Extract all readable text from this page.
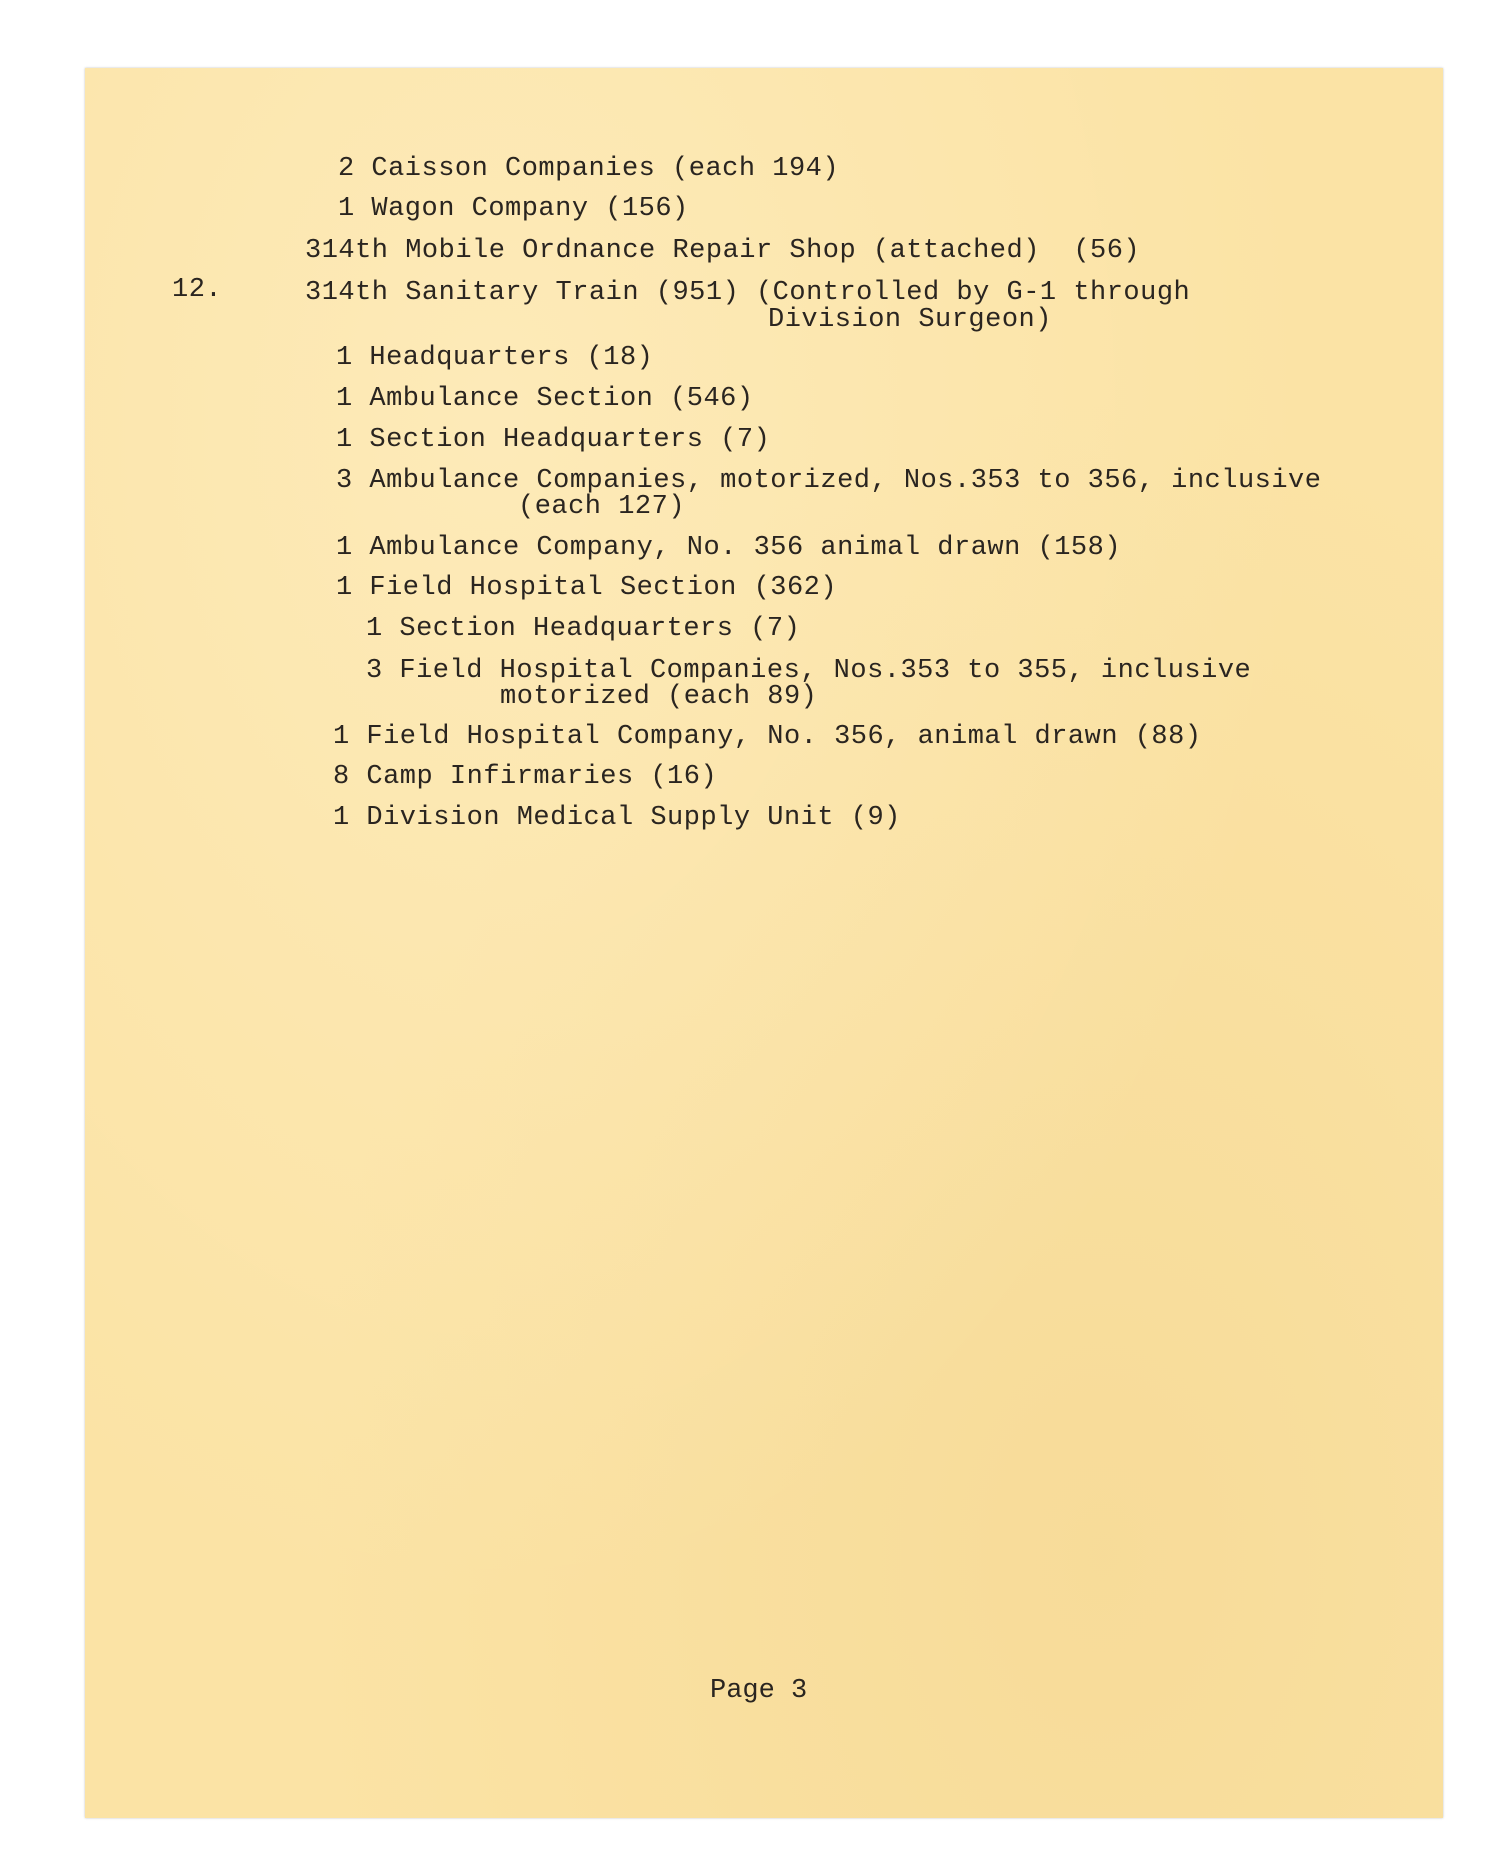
2 Caisson Companies (each 194)
1 Wagon Company (156)
314th Mobile Ordnance Repair Shop (attached)  (56)
12.	314th Sanitary Train (951) (Controlled by G-1 through
Division Surgeon)
1 Headquarters (18)
1 Ambulance Section (546)
1 Section Headquarters (7)
3 Ambulance Companies, motorized, Nos.353 to 356, inclusive
(each 127)
1 Ambulance Company, No. 356 animal drawn (158)
1 Field Hospital Section (362)
1 Section Headquarters (7)
3 Field Hospital Companies, Nos.353 to 355, inclusive
motorized (each 89)
1 Field Hospital Company, No. 356, animal drawn (88)
8 Camp Infirmaries (16)
1 Division Medical Supply Unit (9)
Page 3
